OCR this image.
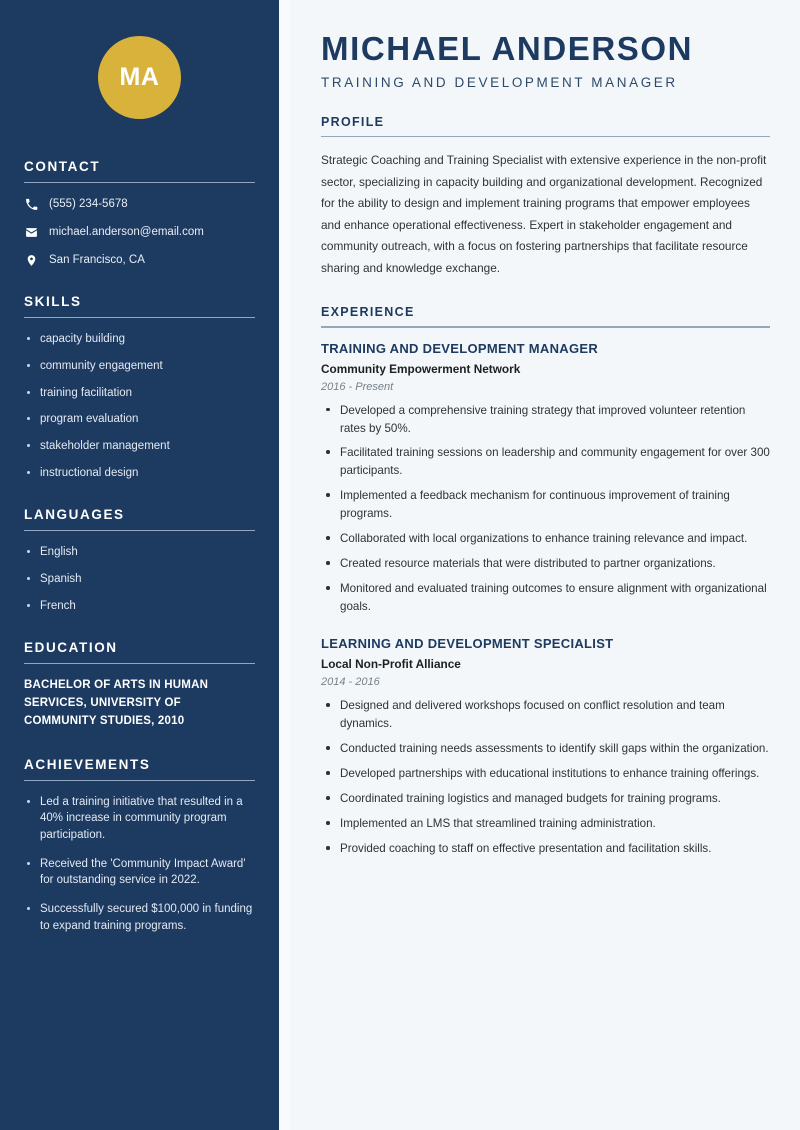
MA
CONTACT
(555) 234-5678
michael.anderson@email.com
San Francisco, CA
SKILLS
capacity building
community engagement
training facilitation
program evaluation
stakeholder management
instructional design
LANGUAGES
English
Spanish
French
EDUCATION
BACHELOR OF ARTS IN HUMAN SERVICES, UNIVERSITY OF COMMUNITY STUDIES, 2010
ACHIEVEMENTS
Led a training initiative that resulted in a 40% increase in community program participation.
Received the 'Community Impact Award' for outstanding service in 2022.
Successfully secured $100,000 in funding to expand training programs.
MICHAEL ANDERSON
TRAINING AND DEVELOPMENT MANAGER
PROFILE

Strategic Coaching and Training Specialist with extensive experience in the non-profit sector, specializing in capacity building and organizational development. Recognized for the ability to design and implement training programs that empower employees and enhance operational effectiveness. Expert in stakeholder engagement and community outreach, with a focus on fostering partnerships that facilitate resource sharing and knowledge exchange.

EXPERIENCE
TRAINING AND DEVELOPMENT MANAGER
Community Empowerment Network
2016 - Present
Developed a comprehensive training strategy that improved volunteer retention rates by 50%.
Facilitated training sessions on leadership and community engagement for over 300 participants.
Implemented a feedback mechanism for continuous improvement of training programs.
Collaborated with local organizations to enhance training relevance and impact.
Created resource materials that were distributed to partner organizations.
Monitored and evaluated training outcomes to ensure alignment with organizational goals.
LEARNING AND DEVELOPMENT SPECIALIST
Local Non-Profit Alliance
2014 - 2016
Designed and delivered workshops focused on conflict resolution and team dynamics.
Conducted training needs assessments to identify skill gaps within the organization.
Developed partnerships with educational institutions to enhance training offerings.
Coordinated training logistics and managed budgets for training programs.
Implemented an LMS that streamlined training administration.
Provided coaching to staff on effective presentation and facilitation skills.
